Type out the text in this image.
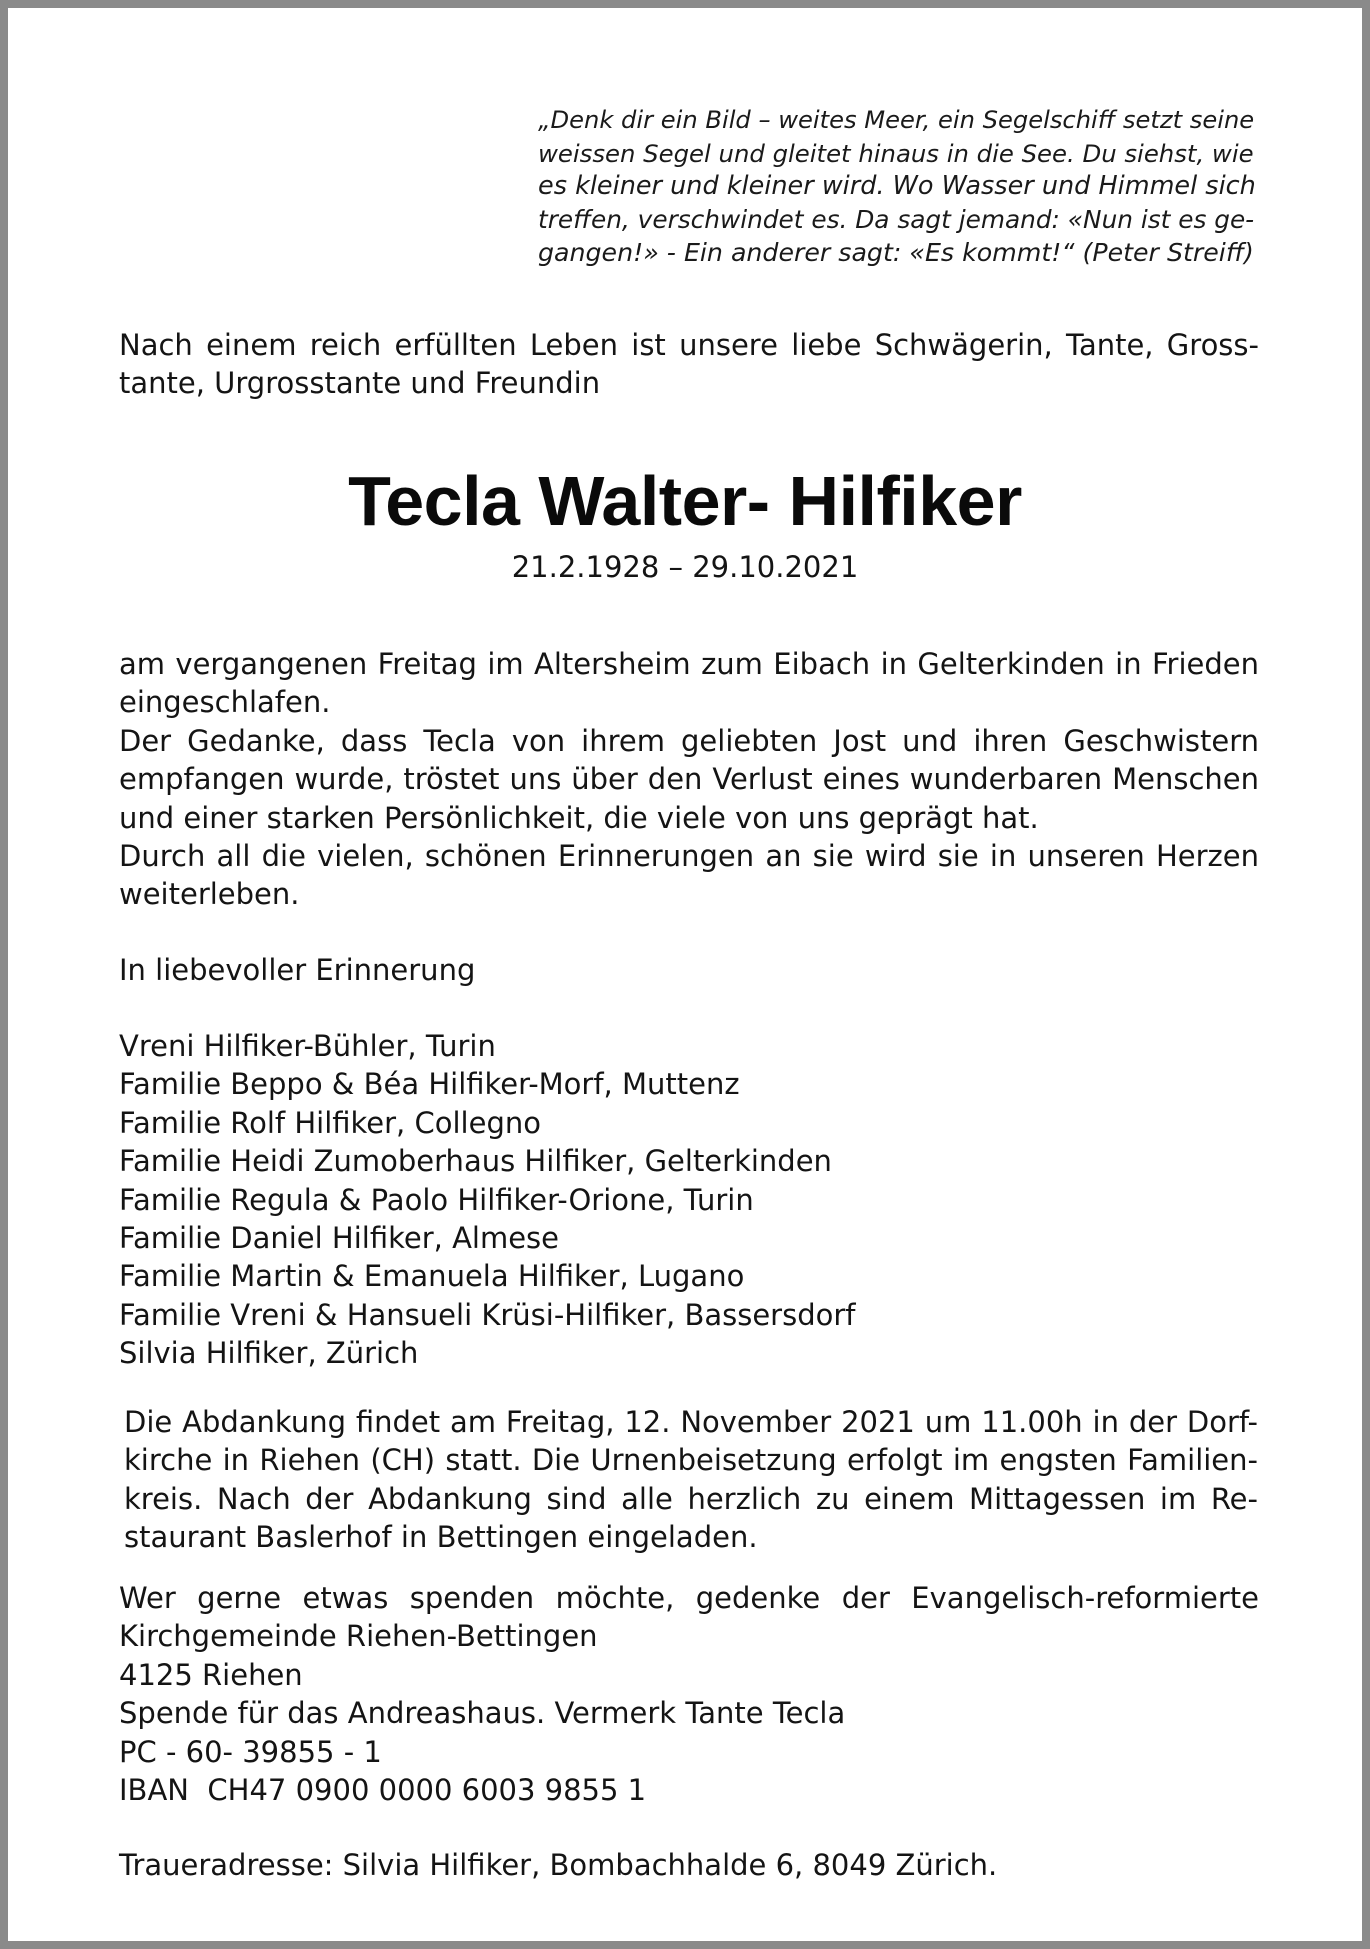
„Denk dir ein Bild – weites Meer, ein Segelschiff setzt seine
weissen Segel und gleitet hinaus in die See. Du siehst, wie
es kleiner und kleiner wird. Wo Wasser und Himmel sich
treffen, verschwindet es. Da sagt jemand: «Nun ist es ge-
gangen!» - Ein anderer sagt: «Es kommt!“ (Peter Streiff)
Nach einem reich erfüllten Leben ist unsere liebe Schwägerin, Tante, Gross-
tante, Urgrosstante und Freundin
Tecla Walter- Hilfiker
21.2.1928 – 29.10.2021
am vergangenen Freitag im Altersheim zum Eibach in Gelterkinden in Frieden
eingeschlafen.
Der Gedanke, dass Tecla von ihrem geliebten Jost und ihren Geschwistern
empfangen wurde, tröstet uns über den Verlust eines wunderbaren Menschen
und einer starken Persönlichkeit, die viele von uns geprägt hat.
Durch all die vielen, schönen Erinnerungen an sie wird sie in unseren Herzen
weiterleben.
In liebevoller Erinnerung
Vreni Hilfiker-Bühler, Turin
Familie Beppo & Béa Hilfiker-Morf, Muttenz
Familie Rolf Hilfiker, Collegno
Familie Heidi Zumoberhaus Hilfiker, Gelterkinden
Familie Regula & Paolo Hilfiker-Orione, Turin
Familie Daniel Hilfiker, Almese
Familie Martin & Emanuela Hilfiker, Lugano
Familie Vreni & Hansueli Krüsi-Hilfiker, Bassersdorf
Silvia Hilfiker, Zürich
Die Abdankung findet am Freitag, 12. November 2021 um 11.00h in der Dorf-
kirche in Riehen (CH) statt. Die Urnenbeisetzung erfolgt im engsten Familien-
kreis. Nach der Abdankung sind alle herzlich zu einem Mittagessen im Re-
staurant Baslerhof in Bettingen eingeladen.
Wer gerne etwas spenden möchte, gedenke der Evangelisch-reformierte
Kirchgemeinde Riehen-Bettingen
4125 Riehen
Spende für das Andreashaus. Vermerk Tante Tecla
PC - 60- 39855 - 1
IBAN  CH47 0900 0000 6003 9855 1
Traueradresse: Silvia Hilfiker, Bombachhalde 6, 8049 Zürich.
